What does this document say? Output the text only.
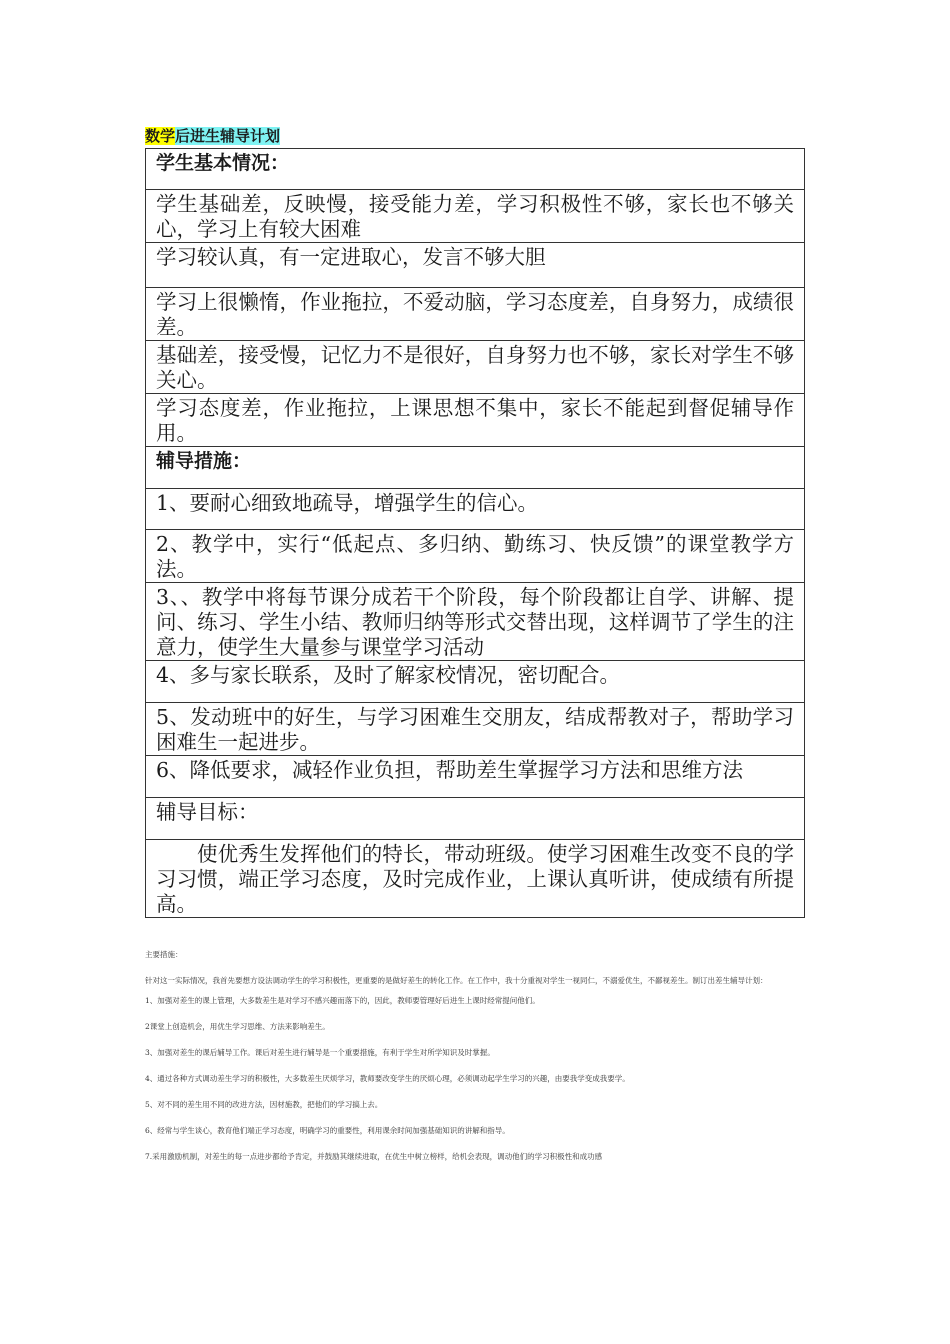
数学后进生辅导计划
学生基本情况：
学生基础差，反映慢，接受能力差，学习积极性不够，家长也不够关心，学习上有较大困难
学习较认真，有一定进取心，发言不够大胆
学习上很懒惰，作业拖拉，不爱动脑，学习态度差，自身努力，成绩很差。
基础差，接受慢，记忆力不是很好，自身努力也不够，家长对学生不够关心。
学习态度差，作业拖拉，上课思想不集中，家长不能起到督促辅导作用。
辅导措施：
1、要耐心细致地疏导，增强学生的信心。
2、教学中，实行“低起点、多归纳、勤练习、快反馈”的课堂教学方法。
3、、教学中将每节课分成若干个阶段，每个阶段都让自学、讲解、提问、练习、学生小结、教师归纳等形式交替出现，这样调节了学生的注意力，使学生大量参与课堂学习活动
4、多与家长联系，及时了解家校情况，密切配合。
5、发动班中的好生，与学习困难生交朋友，结成帮教对子，帮助学习困难生一起进步。
6、降低要求，减轻作业负担，帮助差生掌握学习方法和思维方法
辅导目标：
使优秀生发挥他们的特长，带动班级。使学习困难生改变不良的学习习惯，端正学习态度，及时完成作业，上课认真听讲，使成绩有所提高。

主要措施：

针对这一实际情况，我首先要想方设法调动学生的学习积极性，更重要的是做好差生的转化工作。在工作中，我十分重视对学生一视同仁，不溺爱优生，不鄙视差生。制订出差生辅导计划：

1、加强对差生的课上管理，大多数差生是对学习不感兴趣而落下的，因此，教师要管理好后进生上课时经常提问他们。

2课堂上创造机会，用优生学习思维、方法来影响差生。

3、加强对差生的课后辅导工作。课后对差生进行辅导是一个重要措施，有利于学生对所学知识及时掌握。

4、通过各种方式调动差生学习的积极性，大多数差生厌烦学习，教师要改变学生的厌烦心理，必须调动起学生学习的兴趣，由要我学变成我要学。

5、对不同的差生用不同的改进方法，因材施教，把他们的学习搞上去。

6、经常与学生谈心，教育他们端正学习态度，明确学习的重要性，利用课余时间加强基础知识的讲解和指导。

7.采用激励机制，对差生的每一点进步都给予肯定，并鼓励其继续进取，在优生中树立榜样，给机会表现，调动他们的学习积极性和成功感
